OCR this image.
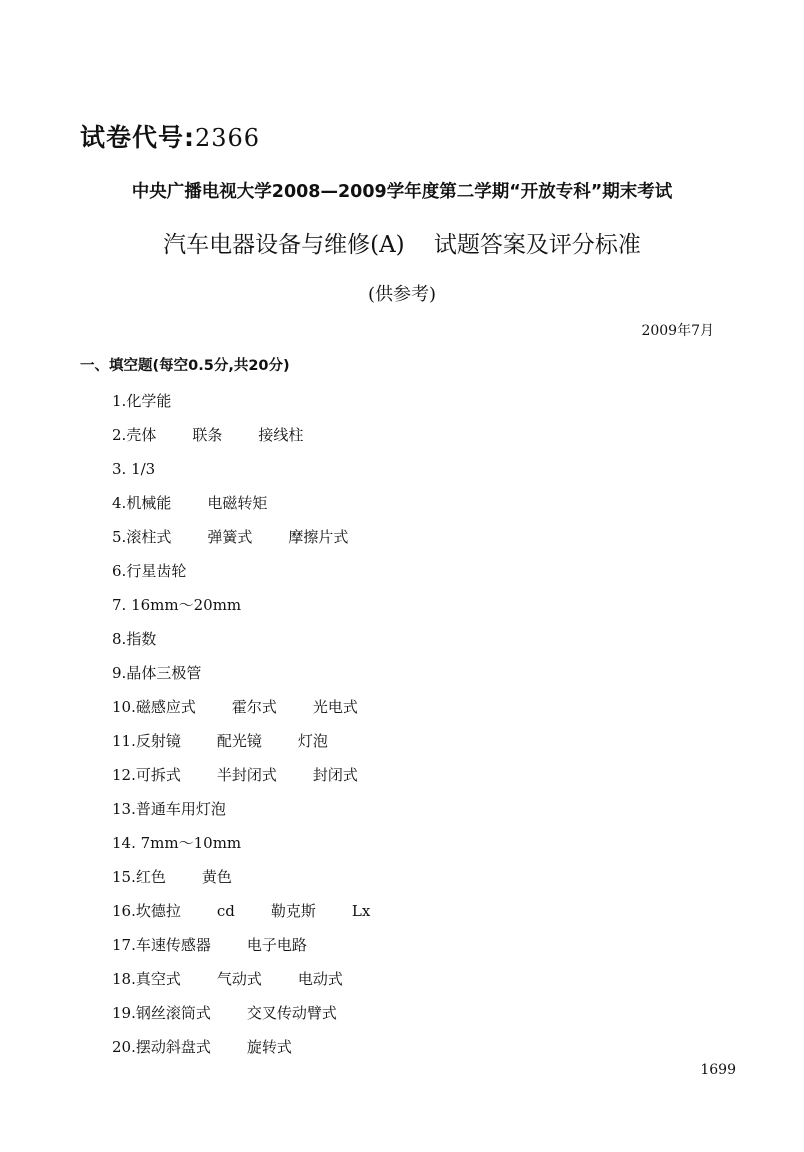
试卷代号:2366
中央广播电视大学2008—2009学年度第二学期“开放专科”期末考试
汽车电器设备与维修(A)    试题答案及评分标准
(供参考)
2009年7月
一、填空题(每空0.5分,共20分)
1. 化学能
2. 壳体 联条 接线柱
3. 1/3
4. 机械能 电磁转矩
5. 滚柱式 弹簧式 摩擦片式
6. 行星齿轮
7. 16mm～20mm
8. 指数
9. 晶体三极管
10. 磁感应式 霍尔式 光电式
11. 反射镜 配光镜 灯泡
12. 可拆式 半封闭式 封闭式
13. 普通车用灯泡
14. 7mm～10mm
15. 红色 黄色
16. 坎德拉 cd 勒克斯 Lx
17. 车速传感器 电子电路
18. 真空式 气动式 电动式
19. 钢丝滚筒式 交叉传动臂式
20. 摆动斜盘式 旋转式
1699
